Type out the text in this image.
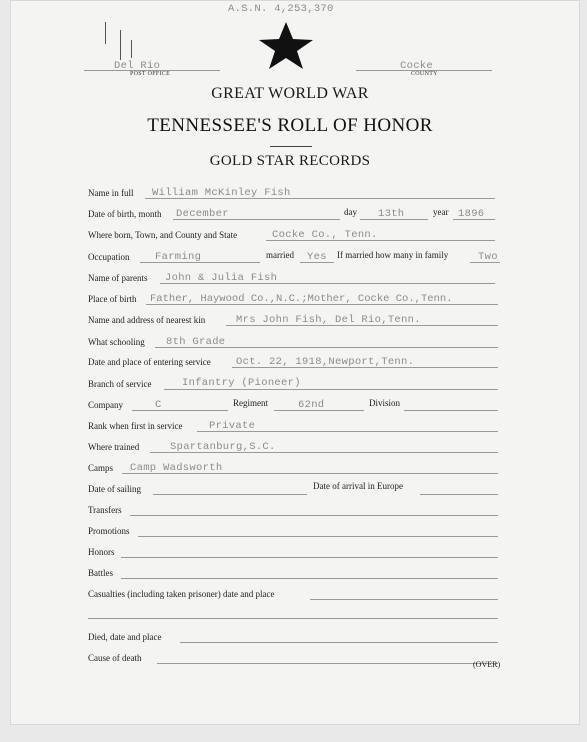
A.S.N. 4,253,370
Del Rio
POST OFFICE
Cocke
COUNTY
GREAT WORLD WAR
TENNESSEE'S ROLL OF HONOR
GOLD STAR RECORDS
Name in full William McKinley Fish
Date of birth, month December	day 13th	year 1896
Where born, Town, and County and State	Cocke Co., Tenn.
Occupation Farming	married Yes If married how many in family	Two
Name of parents John & Julia Fish
Place of birth Father, Haywood Co.,N.C.;Mother, Cocke Co.,Tenn.
Name and address of nearest kin	Mrs John Fish, Del Rio,Tenn.
What schooling 8th Grade
Date and place of entering service Oct. 22, 1918,Newport,Tenn.
Branch of service	Infantry (Pioneer)
Company	C	Regiment	62nd	Division
Rank when first in service	Private
Where trained	Spartanburg,S.C.
Camps Camp Wadsworth
Date of sailing	Date of arrival in Europe
Transfers
Promotions
Honors
Battles
Casualties (including taken prisoner) date and place
Died, date and place
Cause of death
(OVER)
